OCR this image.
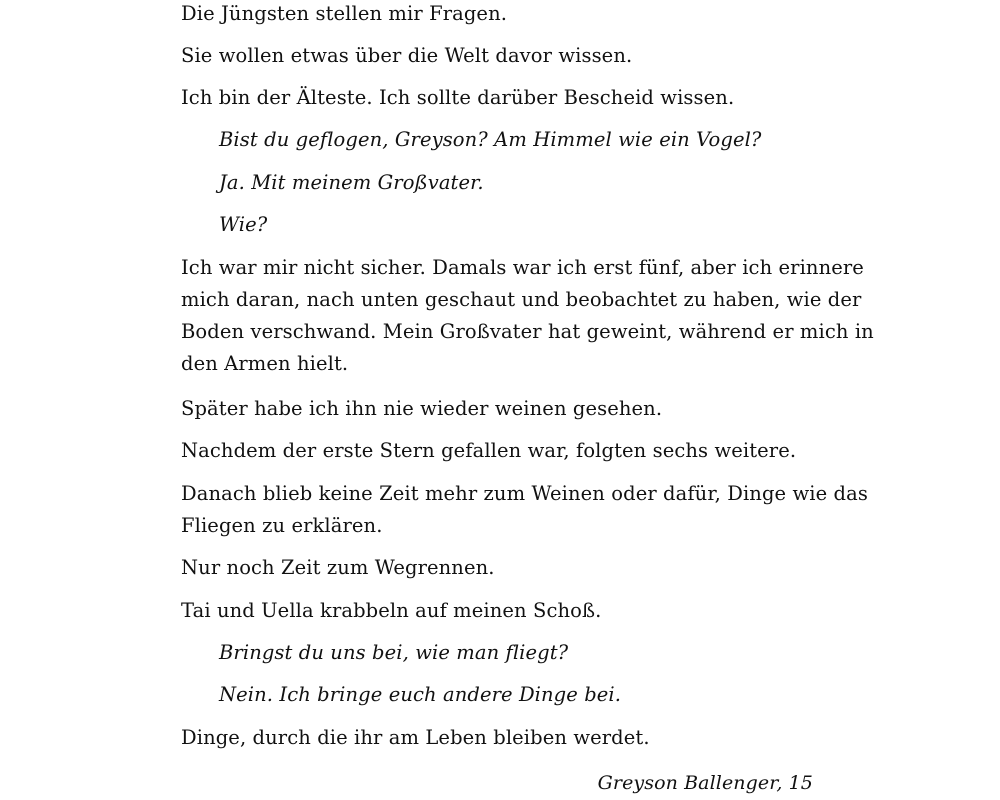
Die Jüngsten stellen mir Fragen.
Sie wollen etwas über die Welt davor wissen.
Ich bin der Älteste. Ich sollte darüber Bescheid wissen.
Bist du geflogen, Greyson? Am Himmel wie ein Vogel?
Ja. Mit meinem Großvater.
Wie?
Ich war mir nicht sicher. Damals war ich erst fünf, aber ich erinnere
mich daran, nach unten geschaut und beobachtet zu haben, wie der
Boden verschwand. Mein Großvater hat geweint, während er mich in
den Armen hielt.
Später habe ich ihn nie wieder weinen gesehen.
Nachdem der erste Stern gefallen war, folgten sechs weitere.
Danach blieb keine Zeit mehr zum Weinen oder dafür, Dinge wie das
Fliegen zu erklären.
Nur noch Zeit zum Wegrennen.
Tai und Uella krabbeln auf meinen Schoß.
Bringst du uns bei, wie man fliegt?
Nein. Ich bringe euch andere Dinge bei.
Dinge, durch die ihr am Leben bleiben werdet.
Greyson Ballenger, 15
